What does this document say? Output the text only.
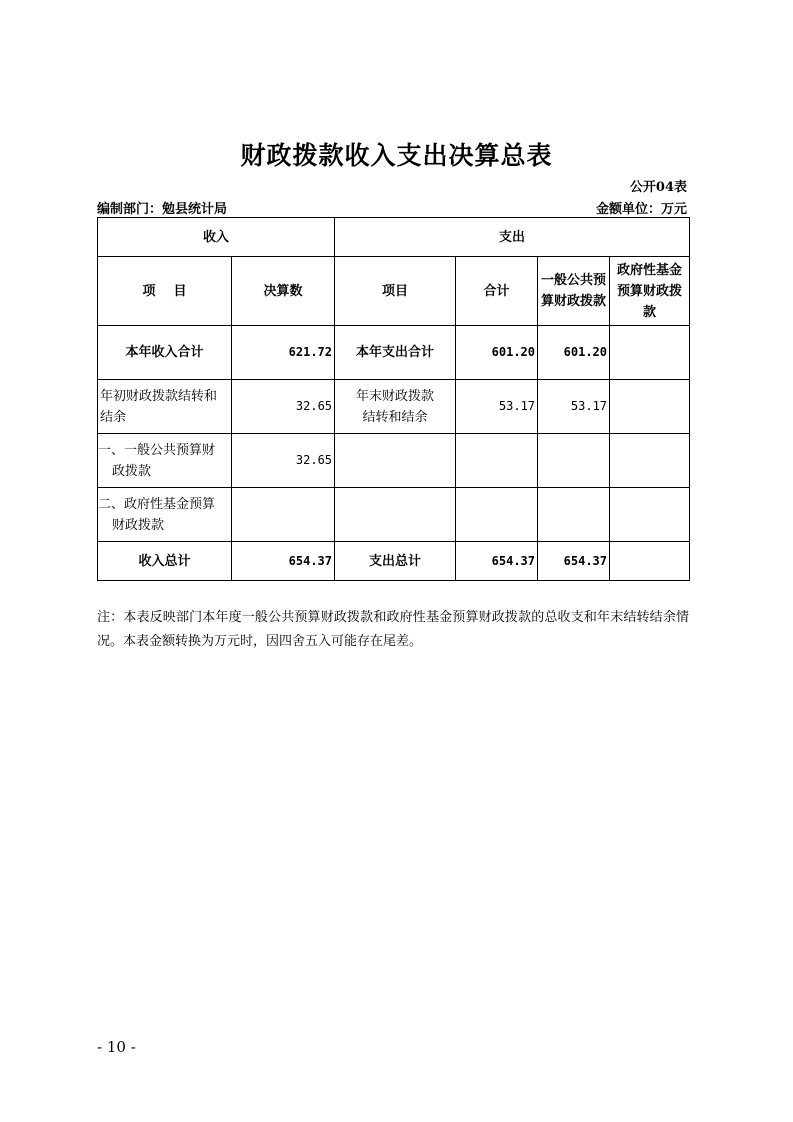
财政拨款收入支出决算总表
公开04表
编制部门：勉县统计局	金额单位：万元
收入		支出			
项    目	决算数	项目	合计	一般公共预算财政拨款	政府性基金预算财政拨款
本年收入合计	621.72	本年支出合计	601.20	601.20	
年初财政拨款结转和结余	32.65	年末财政拨款结转和结余	53.17	53.17	
一、一般公共预算财政拨款	32.65				
二、政府性基金预算财政拨款					
收入总计	654.37	支出总计	654.37	654.37	
注：本表反映部门本年度一般公共预算财政拨款和政府性基金预算财政拨款的总收支和年末结转结余情况。本表金额转换为万元时，因四舍五入可能存在尾差。
- 10 -
